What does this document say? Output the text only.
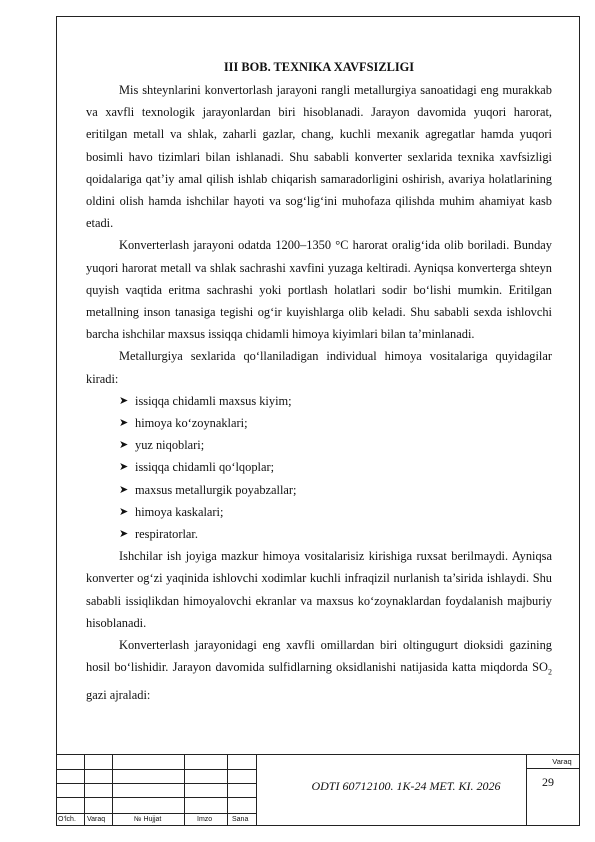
III BOB. TEXNIKA XAVFSIZLIGI

Mis shteynlarini konvertorlash jarayoni rangli metallurgiya sanoatidagi eng murakkab va xavfli texnologik jarayonlardan biri hisoblanadi. Jarayon davomida yuqori harorat, eritilgan metall va shlak, zaharli gazlar, chang, kuchli mexanik agregatlar hamda yuqori bosimli havo tizimlari bilan ishlanadi. Shu sababli konverter sexlarida texnika xavfsizligi qoidalariga qat’iy amal qilish ishlab chiqarish samaradorligini oshirish, avariya holatlarining oldini olish hamda ishchilar hayoti va sog‘lig‘ini muhofaza qilishda muhim ahamiyat kasb etadi.

Konverterlash jarayoni odatda 1200–1350 °C harorat oralig‘ida olib boriladi. Bunday yuqori harorat metall va shlak sachrashi xavfini yuzaga keltiradi. Ayniqsa konverterga shteyn quyish vaqtida eritma sachrashi yoki portlash holatlari sodir bo‘lishi mumkin. Eritilgan metallning inson tanasiga tegishi og‘ir kuyishlarga olib keladi. Shu sababli sexda ishlovchi barcha ishchilar maxsus issiqqa chidamli himoya kiyimlari bilan ta’minlanadi.

Metallurgiya sexlarida qo‘llaniladigan individual himoya vositalariga quyidagilar kiradi:

➤ issiqqa chidamli maxsus kiyim;
➤ himoya ko‘zoynaklari;
➤ yuz niqoblari;
➤ issiqqa chidamli qo‘lqoplar;
➤ maxsus metallurgik poyabzallar;
➤ himoya kaskalari;
➤ respiratorlar.

Ishchilar ish joyiga mazkur himoya vositalarisiz kirishiga ruxsat berilmaydi. Ayniqsa konverter og‘zi yaqinida ishlovchi xodimlar kuchli infraqizil nurlanish ta’sirida ishlaydi. Shu sababli issiqlikdan himoyalovchi ekranlar va maxsus ko‘zoynaklardan foydalanish majburiy hisoblanadi.

Konverterlash jarayonidagi eng xavfli omillardan biri oltingugurt dioksidi gazining hosil bo‘lishidir. Jarayon davomida sulfidlarning oksidlanishi natijasida katta miqdorda $SO_2$ gazi ajraladi:

O‘lch. Varaq	№ Hujjat	Imzo	Sana
ODTI 60712100. 1K-24 MET. KI. 2026
Varaq
29
